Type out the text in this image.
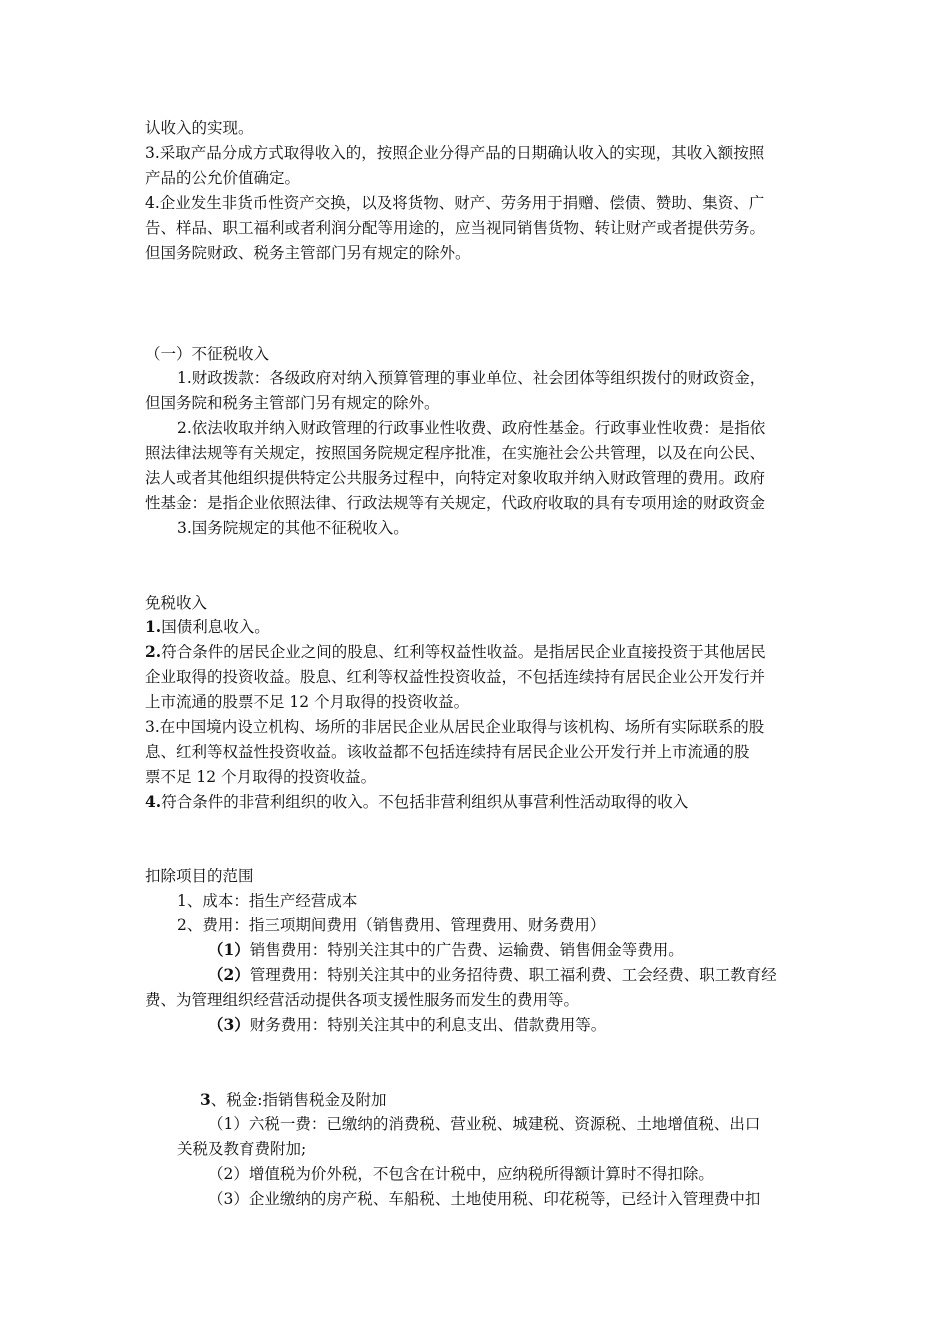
认收入的实现。
3.采取产品分成方式取得收入的，按照企业分得产品的日期确认收入的实现，其收入额按照
产品的公允价值确定。
4.企业发生非货币性资产交换，以及将货物、财产、劳务用于捐赠、偿债、赞助、集资、广
告、样品、职工福利或者利润分配等用途的，应当视同销售货物、转让财产或者提供劳务。
但国务院财政、税务主管部门另有规定的除外。
（一）不征税收入
1.财政拨款：各级政府对纳入预算管理的事业单位、社会团体等组织拨付的财政资金，
但国务院和税务主管部门另有规定的除外。
2.依法收取并纳入财政管理的行政事业性收费、政府性基金。行政事业性收费：是指依
照法律法规等有关规定，按照国务院规定程序批准，在实施社会公共管理，以及在向公民、
法人或者其他组织提供特定公共服务过程中，向特定对象收取并纳入财政管理的费用。政府
性基金：是指企业依照法律、行政法规等有关规定，代政府收取的具有专项用途的财政资金
3.国务院规定的其他不征税收入。
免税收入
1.国债利息收入。
2.符合条件的居民企业之间的股息、红利等权益性收益。是指居民企业直接投资于其他居民
企业取得的投资收益。股息、红利等权益性投资收益，不包括连续持有居民企业公开发行并
上市流通的股票不足 12 个月取得的投资收益。
3.在中国境内设立机构、场所的非居民企业从居民企业取得与该机构、场所有实际联系的股
息、红利等权益性投资收益。该收益都不包括连续持有居民企业公开发行并上市流通的股
票不足 12 个月取得的投资收益。
4.符合条件的非营利组织的收入。不包括非营利组织从事营利性活动取得的收入
扣除项目的范围
1、成本：指生产经营成本
2、费用：指三项期间费用（销售费用、管理费用、财务费用）
（1）销售费用：特别关注其中的广告费、运输费、销售佣金等费用。
（2）管理费用：特别关注其中的业务招待费、职工福利费、工会经费、职工教育经
费、为管理组织经营活动提供各项支援性服务而发生的费用等。
（3）财务费用：特别关注其中的利息支出、借款费用等。
3、税金:指销售税金及附加
（1）六税一费：已缴纳的消费税、营业税、城建税、资源税、土地增值税、出口
关税及教育费附加;
（2）增值税为价外税，不包含在计税中，应纳税所得额计算时不得扣除。
（3）企业缴纳的房产税、车船税、土地使用税、印花税等，已经计入管理费中扣
